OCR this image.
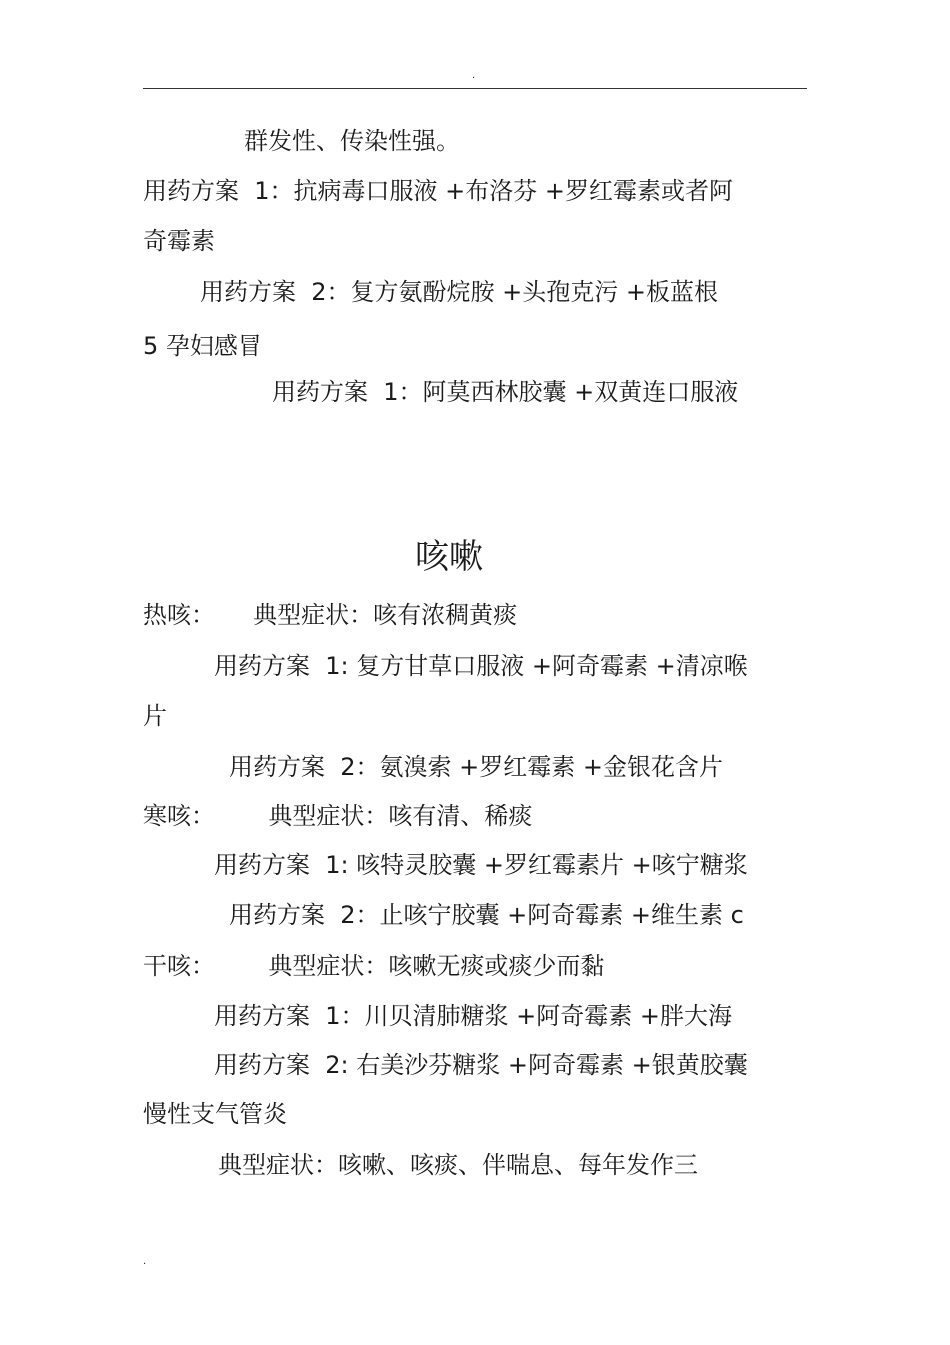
.
群发性、传染性强。
用药方案  1：抗病毒口服液 +布洛芬 +罗红霉素或者阿
奇霉素
用药方案  2：复方氨酚烷胺 +头孢克污 +板蓝根
5 孕妇感冒
用药方案  1：阿莫西林胶囊 +双黄连口服液
咳嗽
热咳：     典型症状：咳有浓稠黄痰
用药方案  1: 复方甘草口服液 +阿奇霉素 +清凉喉
片
用药方案  2：氨溴索 +罗红霉素 +金银花含片
寒咳：       典型症状：咳有清、稀痰
用药方案  1: 咳特灵胶囊 +罗红霉素片 +咳宁糖浆
用药方案  2：止咳宁胶囊 +阿奇霉素 +维生素 c
干咳：       典型症状：咳嗽无痰或痰少而黏
用药方案  1：川贝清肺糖浆 +阿奇霉素 +胖大海
用药方案  2: 右美沙芬糖浆 +阿奇霉素 +银黄胶囊
慢性支气管炎
典型症状：咳嗽、咳痰、伴喘息、每年发作三
.
